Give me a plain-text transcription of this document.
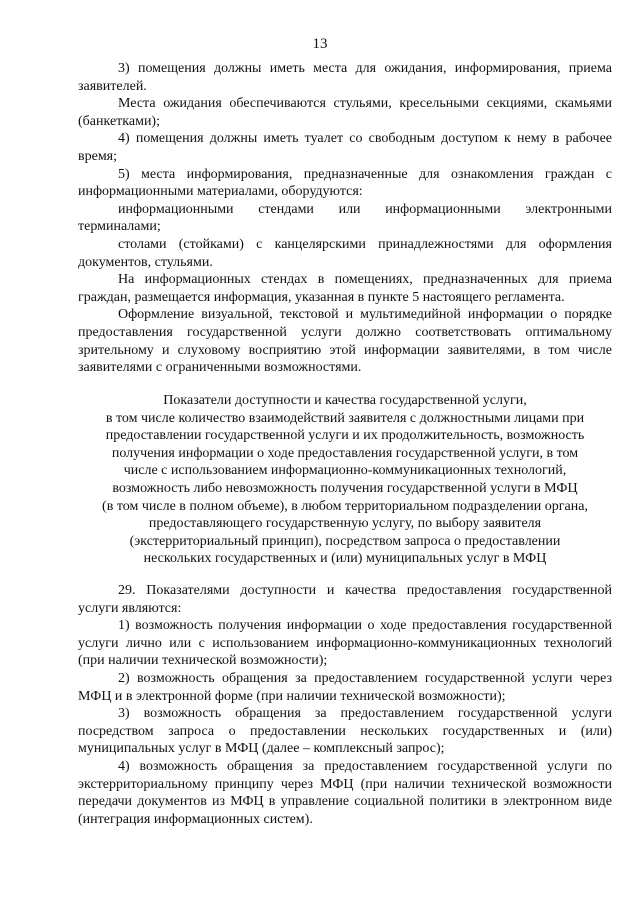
13

3) помещения должны иметь места для ожидания, информирования, приема заявителей.

Места ожидания обеспечиваются стульями, кресельными секциями, скамьями (банкетками);

4) помещения должны иметь туалет со свободным доступом к нему в рабочее время;

5) места информирования, предназначенные для ознакомления граждан с информационными материалами, оборудуются:

информационными стендами или информационными электронными терминалами;

столами (стойками) с канцелярскими принадлежностями для оформления документов, стульями.

На информационных стендах в помещениях, предназначенных для приема граждан, размещается информация, указанная в пункте 5 настоящего регламента.

Оформление визуальной, текстовой и мультимедийной информации о порядке предоставления государственной услуги должно соответствовать оптимальному зрительному и слуховому восприятию этой информации заявителями, в том числе заявителями с ограниченными возможностями.

Показатели доступности и качества государственной услуги,

в том числе количество взаимодействий заявителя с должностными лицами при

предоставлении государственной услуги и их продолжительность, возможность

получения информации о ходе предоставления государственной услуги, в том

числе с использованием информационно-коммуникационных технологий,

возможность либо невозможность получения государственной услуги в МФЦ

(в том числе в полном объеме), в любом территориальном подразделении органа,

предоставляющего государственную услугу, по выбору заявителя

(экстерриториальный принцип), посредством запроса о предоставлении

нескольких государственных и (или) муниципальных услуг в МФЦ

29. Показателями доступности и качества предоставления государственной услуги являются:

1) возможность получения информации о ходе предоставления государственной услуги лично или с использованием информационно-коммуникационных технологий (при наличии технической возможности);

2) возможность обращения за предоставлением государственной услуги через МФЦ и в электронной форме (при наличии технической возможности);

3) возможность обращения за предоставлением государственной услуги посредством запроса о предоставлении нескольких государственных и (или) муниципальных услуг в МФЦ (далее – комплексный запрос);

4) возможность обращения за предоставлением государственной услуги по экстерриториальному принципу через МФЦ (при наличии технической возможности передачи документов из МФЦ в управление социальной политики в электронном виде (интеграция информационных систем).
